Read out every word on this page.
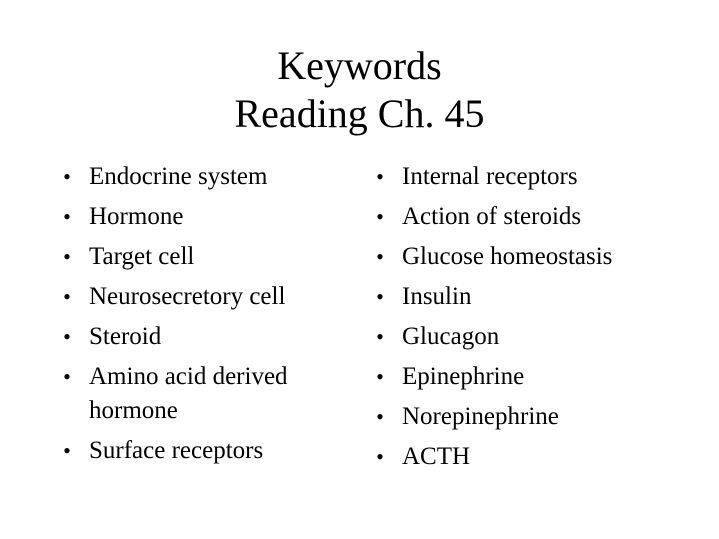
Keywords
Reading Ch. 45
• Endocrine system
• Hormone
• Target cell
• Neurosecretory cell
• Steroid
• Amino acid derived hormone
• Surface receptors
• Internal receptors
• Action of steroids
• Glucose homeostasis
• Insulin
• Glucagon
• Epinephrine
• Norepinephrine
• ACTH
